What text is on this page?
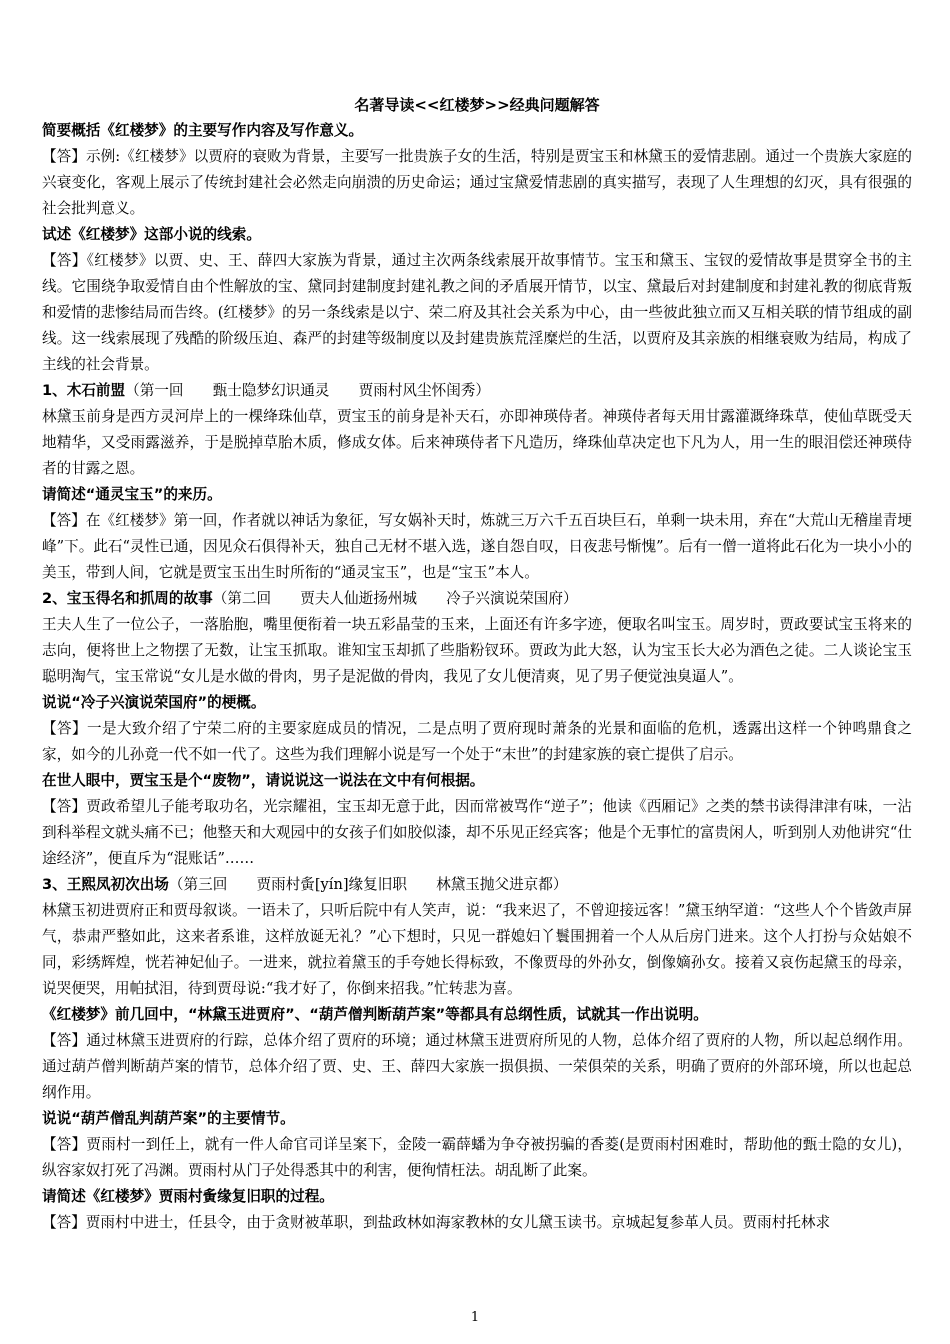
名著导读<<红楼梦>>经典问题解答

简要概括《红楼梦》的主要写作内容及写作意义。

【答】示例:《红楼梦》以贾府的衰败为背景，主要写一批贵族子女的生活，特别是贾宝玉和林黛玉的爱情悲剧。通过一个贵族大家庭的兴衰变化，客观上展示了传统封建社会必然走向崩溃的历史命运；通过宝黛爱情悲剧的真实描写，表现了人生理想的幻灭，具有很强的社会批判意义。

试述《红楼梦》这部小说的线索。

【答】《红楼梦》以贾、史、王、薛四大家族为背景，通过主次两条线索展开故事情节。宝玉和黛玉、宝钗的爱情故事是贯穿全书的主线。它围绕争取爱情自由个性解放的宝、黛同封建制度封建礼教之间的矛盾展开情节，以宝、黛最后对封建制度和封建礼教的彻底背叛和爱情的悲惨结局而告终。(红楼梦》的另一条线索是以宁、荣二府及其社会关系为中心，由一些彼此独立而又互相关联的情节组成的副线。这一线索展现了残酷的阶级压迫、森严的封建等级制度以及封建贵族荒淫糜烂的生活，以贾府及其亲族的相继衰败为结局，构成了主线的社会背景。

1、木石前盟（第一回　　甄士隐梦幻识通灵　　贾雨村风尘怀闺秀）

林黛玉前身是西方灵河岸上的一棵绛珠仙草，贾宝玉的前身是补天石，亦即神瑛侍者。神瑛侍者每天用甘露灌溉绛珠草，使仙草既受天地精华，又受雨露滋养，于是脱掉草胎木质，修成女体。后来神瑛侍者下凡造历，绛珠仙草决定也下凡为人，用一生的眼泪偿还神瑛侍者的甘露之恩。

请简述“通灵宝玉”的来历。

【答】在《红楼梦》第一回，作者就以神话为象征，写女娲补天时，炼就三万六千五百块巨石，单剩一块未用，弃在“大荒山无稽崖青埂峰”下。此石“灵性已通，因见众石俱得补天，独自己无材不堪入选，遂自怨自叹，日夜悲号惭愧”。后有一僧一道将此石化为一块小小的美玉，带到人间，它就是贾宝玉出生时所衔的“通灵宝玉”，也是“宝玉”本人。

2、宝玉得名和抓周的故事（第二回　　贾夫人仙逝扬州城　　冷子兴演说荣国府）

王夫人生了一位公子，一落胎胞，嘴里便衔着一块五彩晶莹的玉来，上面还有许多字迹，便取名叫宝玉。周岁时，贾政要试宝玉将来的志向，便将世上之物摆了无数，让宝玉抓取。谁知宝玉却抓了些脂粉钗环。贾政为此大怒，认为宝玉长大必为酒色之徒。二人谈论宝玉聪明淘气，宝玉常说“女儿是水做的骨肉，男子是泥做的骨肉，我见了女儿便清爽，见了男子便觉浊臭逼人”。

说说“冷子兴演说荣国府”的梗概。

【答】一是大致介绍了宁荣二府的主要家庭成员的情况，二是点明了贾府现时萧条的光景和面临的危机，透露出这样一个钟鸣鼎食之家，如今的儿孙竟一代不如一代了。这些为我们理解小说是写一个处于“末世”的封建家族的衰亡提供了启示。

在世人眼中，贾宝玉是个“废物”，请说说这一说法在文中有何根据。

【答】贾政希望儿子能考取功名，光宗耀祖，宝玉却无意于此，因而常被骂作“逆子”；他读《西厢记》之类的禁书读得津津有味，一沾到科举程文就头痛不已；他整天和大观园中的女孩子们如胶似漆，却不乐见正经宾客；他是个无事忙的富贵闲人，听到别人劝他讲究“仕途经济”，便直斥为“混账话”……

3、王熙凤初次出场（第三回　　贾雨村夤[yín]缘复旧职　　林黛玉抛父进京都）

林黛玉初进贾府正和贾母叙谈。一语未了，只听后院中有人笑声，说：“我来迟了，不曾迎接远客！”黛玉纳罕道：“这些人个个皆敛声屏气，恭肃严整如此，这来者系谁，这样放诞无礼？”心下想时，只见一群媳妇丫鬟围拥着一个人从后房门进来。这个人打扮与众姑娘不同，彩绣辉煌，恍若神妃仙子。一进来，就拉着黛玉的手夸她长得标致，不像贾母的外孙女，倒像嫡孙女。接着又哀伤起黛玉的母亲，说哭便哭，用帕拭泪，待到贾母说:“我才好了，你倒来招我。”忙转悲为喜。

《红楼梦》前几回中，“林黛玉进贾府”、“葫芦僧判断葫芦案”等都具有总纲性质，试就其一作出说明。

【答】通过林黛玉进贾府的行踪，总体介绍了贾府的环境；通过林黛玉进贾府所见的人物，总体介绍了贾府的人物，所以起总纲作用。通过葫芦僧判断葫芦案的情节，总体介绍了贾、史、王、薛四大家族一损俱损、一荣俱荣的关系，明确了贾府的外部环境，所以也起总纲作用。

说说“葫芦僧乱判葫芦案”的主要情节。

【答】贾雨村一到任上，就有一件人命官司详呈案下，金陵一霸薛蟠为争夺被拐骗的香菱(是贾雨村困难时，帮助他的甄士隐的女儿)，纵容家奴打死了冯渊。贾雨村从门子处得悉其中的利害，便徇情枉法。胡乱断了此案。

请简述《红楼梦》贾雨村夤缘复旧职的过程。

【答】贾雨村中进士，任县令，由于贪财被革职，到盐政林如海家教林的女儿黛玉读书。京城起复参革人员。贾雨村托林求

1
